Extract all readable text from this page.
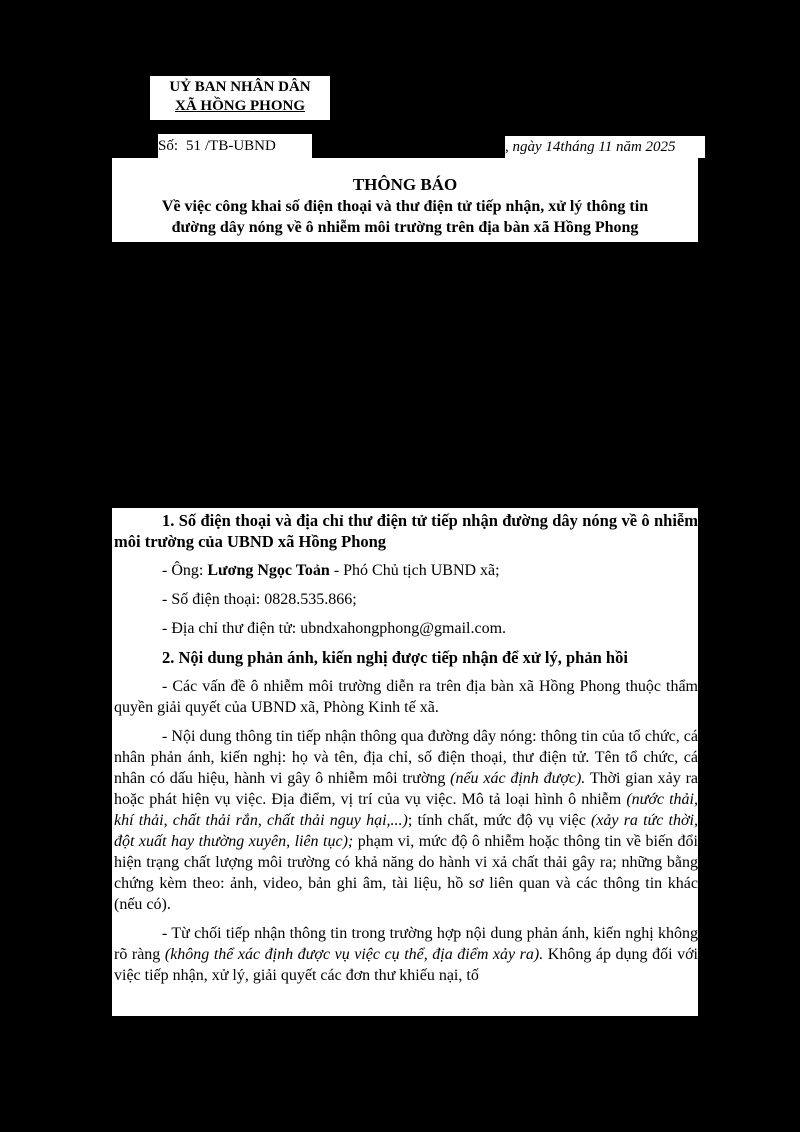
UỶ BAN NHÂN DÂN
XÃ HỒNG PHONG
Số: 51 /TB-UBND	, ngày 14tháng 11 năm 2025
THÔNG BÁO
Về việc công khai số điện thoại và thư điện tử tiếp nhận, xử lý thông tin
đường dây nóng về ô nhiễm môi trường trên địa bàn xã Hồng Phong

1. Số điện thoại và địa chỉ thư điện tử tiếp nhận đường dây nóng về ô nhiễm môi trường của UBND xã Hồng Phong

- Ông: Lương Ngọc Toản - Phó Chủ tịch UBND xã;

- Số điện thoại: 0828.535.866;

- Địa chỉ thư điện tử: ubndxahongphong@gmail.com.

2. Nội dung phản ánh, kiến nghị được tiếp nhận để xử lý, phản hồi

- Các vấn đề ô nhiễm môi trường diễn ra trên địa bàn xã Hồng Phong thuộc thẩm quyền giải quyết của UBND xã, Phòng Kinh tế xã.

- Nội dung thông tin tiếp nhận thông qua đường dây nóng: thông tin của tổ chức, cá nhân phản ánh, kiến nghị: họ và tên, địa chỉ, số điện thoại, thư điện tử. Tên tổ chức, cá nhân có dấu hiệu, hành vi gây ô nhiễm môi trường (nếu xác định được). Thời gian xảy ra hoặc phát hiện vụ việc. Địa điểm, vị trí của vụ việc. Mô tả loại hình ô nhiễm (nước thải, khí thải, chất thải rắn, chất thải nguy hại,...); tính chất, mức độ vụ việc (xảy ra tức thời, đột xuất hay thường xuyên, liên tục); phạm vi, mức độ ô nhiễm hoặc thông tin về biến đổi hiện trạng chất lượng môi trường có khả năng do hành vi xả chất thải gây ra; những bằng chứng kèm theo: ảnh, video, bản ghi âm, tài liệu, hồ sơ liên quan và các thông tin khác (nếu có).

- Từ chối tiếp nhận thông tin trong trường hợp nội dung phản ánh, kiến nghị không rõ ràng (không thể xác định được vụ việc cụ thể, địa điểm xảy ra). Không áp dụng đối với việc tiếp nhận, xử lý, giải quyết các đơn thư khiếu nại, tố
